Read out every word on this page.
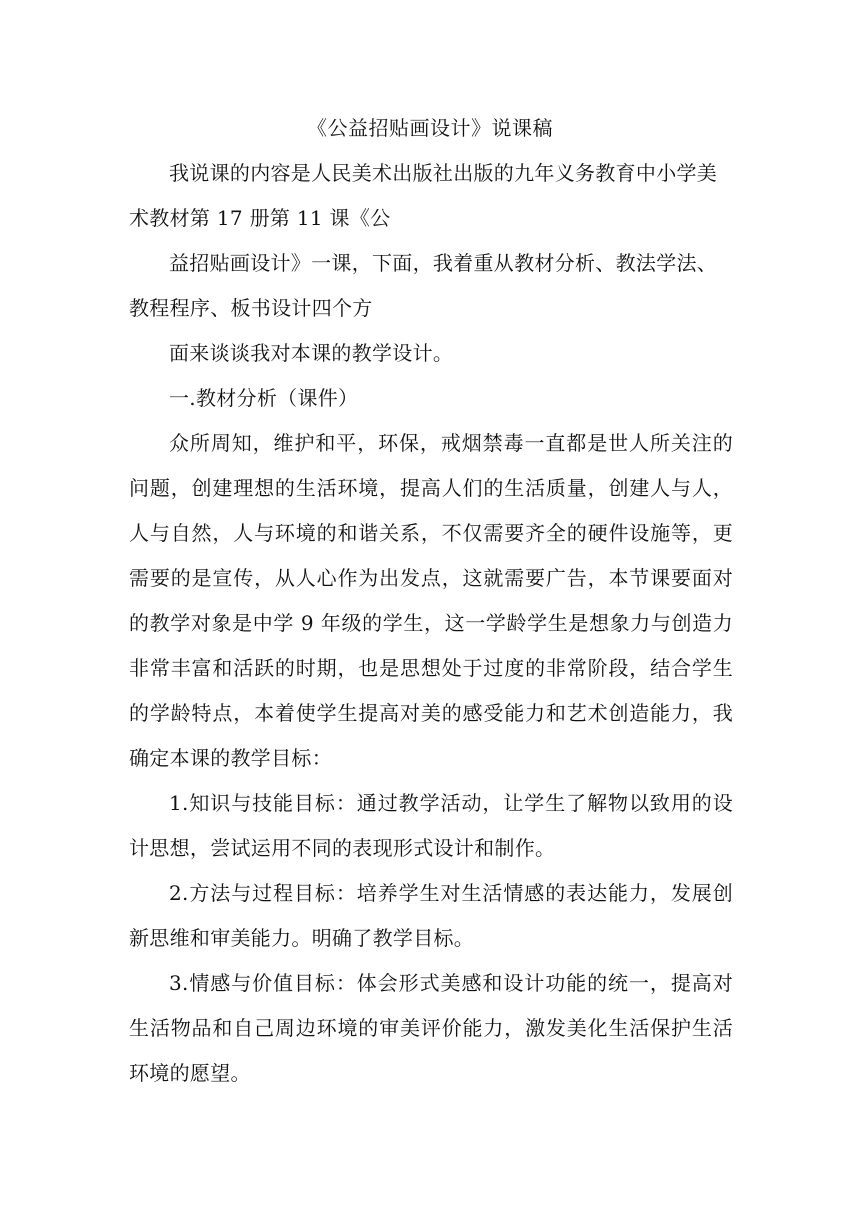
《公益招贴画设计》说课稿
我说课的内容是人民美术出版社出版的九年义务教育中小学美
术教材第 17 册第 11 课《公
益招贴画设计》一课，下面，我着重从教材分析、教法学法、
教程程序、板书设计四个方
面来谈谈我对本课的教学设计。
一.教材分析（课件）

众所周知，维护和平，环保，戒烟禁毒一直都是世人所关注的问题，创建理想的生活环境，提高人们的生活质量，创建人与人，人与自然，人与环境的和谐关系，不仅需要齐全的硬件设施等，更需要的是宣传，从人心作为出发点，这就需要广告，本节课要面对的教学对象是中学 9 年级的学生，这一学龄学生是想象力与创造力非常丰富和活跃的时期，也是思想处于过度的非常阶段，结合学生的学龄特点，本着使学生提高对美的感受能力和艺术创造能力，我确定本课的教学目标：

1.知识与技能目标：通过教学活动，让学生了解物以致用的设计思想，尝试运用不同的表现形式设计和制作。

2.方法与过程目标：培养学生对生活情感的表达能力，发展创新思维和审美能力。明确了教学目标。

3.情感与价值目标：体会形式美感和设计功能的统一，提高对生活物品和自己周边环境的审美评价能力，激发美化生活保护生活环境的愿望。
